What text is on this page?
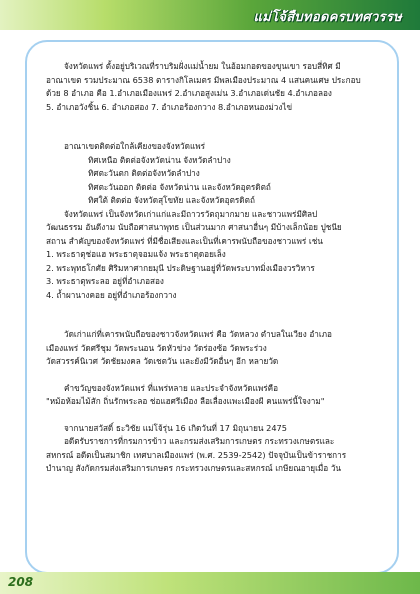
แม่โจ้สืบทอดครบทศวรรษ

จังหวัดแพร่ ตั้งอยู่บริเวณที่ราบริมฝั่งแม่น้ำยม ในอ้อมกอดของขุนเขา รอบสี่ทิศ มี

อาณาเขต รวมประมาณ 6538 ตารางกิโลเมตร มีพลเมืองประมาณ 4 แสนคนเศษ ประกอบ

ด้วย 8 อำเภอ คือ 1.อำเภอเมืองแพร่ 2.อำเภอสูงเม่น 3.อำเภอเด่นชัย 4.อำเภอลอง

5. อำเภอวังชิ้น 6. อำเภอสอง 7. อำเภอร้องกวาง 8.อำเภอหนองม่วงไข่

อาณาเขตติดต่อใกล้เคียงของจังหวัดแพร่

ทิศเหนือ ติดต่อจังหวัดน่าน จังหวัดลำปาง

ทิศตะวันตก ติดต่อจังหวัดลำปาง

ทิศตะวันออก ติดต่อ จังหวัดน่าน และจังหวัดอุตรดิตถ์

ทิศใต้ ติดต่อ จังหวัดสุโขทัย และจังหวัดอุตรดิตถ์

จังหวัดแพร่ เป็นจังหวัดเก่าแก่และมีถาวรวัตถุมากมาย และชาวแพร่มีศิลป

วัฒนธรรม อันดีงาม นับถือศาสนาพุทธ เป็นส่วนมาก ศาสนาอื่นๆ มีบ้างเล็กน้อย ปูชนีย

สถาน สำคัญของจังหวัดแพร่ ที่มีชื่อเสียงและเป็นที่เคารพนับถือของชาวแพร่ เช่น

1. พระธาตุช่อแฮ พระธาตุจอมแจ้ง พระธาตุดอยเล็ง

2. พระพุทธโกศัย ศิริมหาศากยมุนี ประดิษฐานอยู่ที่วัดพระบาทมิ่งเมืองวรวิหาร

3. พระธาตุพระลอ อยู่ที่อำเภอสอง

4. ถ้ำผานางคอย อยู่ที่อำเภอร้องกวาง

วัดเก่าแก่ที่เคารพนับถือของชาวจังหวัดแพร่ คือ วัดหลวง ตำบลในเวียง อำเภอ

เมืองแพร่ วัดศรีชุม วัดพระนอน วัดหัวข่วง วัดร่องซ้อ วัดพระร่วง

วัดสวรรค์นิเวศ วัดชัยมงคล วัดเชตวัน และยังมีวัดอื่นๆ อีก หลายวัด

คำขวัญของจังหวัดแพร่ ที่แพร่หลาย และประจำจังหวัดแพร่คือ

"หม้อห้อมไม้สัก ถิ่นรักพระลอ ช่อแฮศรีเมือง ลือเลื่องแพะเมืองผี คนแพร่นี้ใจงาม"

จากนายสวัสดิ์ ธะวิชัย แม่โจ้รุ่น 16 เกิดวันที่ 17 มิถุนายน 2475

อดีตรับราชการที่กรมการข้าว และกรมส่งเสริมการเกษตร กระทรวงเกษตรและ

สหกรณ์ อดีตเป็นสมาชิก เทศบาลเมืองแพร่ (พ.ศ. 2539-2542) ปัจจุบันเป็นข้าราชการ

บำนาญ สังกัดกรมส่งเสริมการเกษตร กระทรวงเกษตรและสหกรณ์ เกษียณอายุเมื่อ วัน

208
